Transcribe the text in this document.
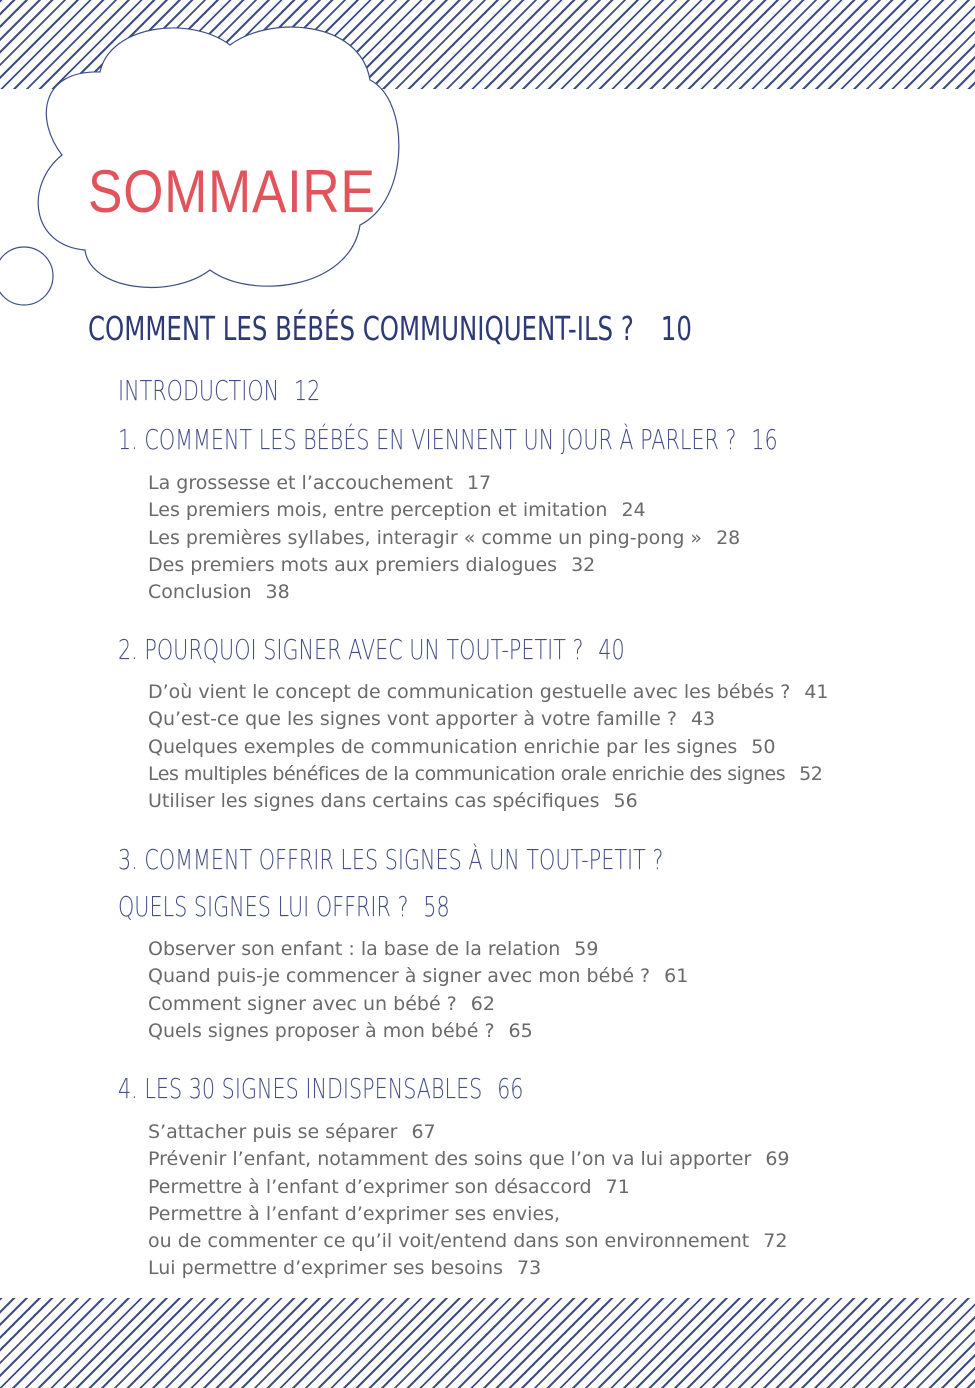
SOMMAIRE
COMMENT LES BÉBÉS COMMUNIQUENT-ILS ? 10
INTRODUCTION 12
1. COMMENT LES BÉBÉS EN VIENNENT UN JOUR À PARLER ? 16
La grossesse et l’accouchement 17
Les premiers mois, entre perception et imitation 24
Les premières syllabes, interagir « comme un ping-pong » 28
Des premiers mots aux premiers dialogues 32
Conclusion 38
2. POURQUOI SIGNER AVEC UN TOUT-PETIT ? 40
D’où vient le concept de communication gestuelle avec les bébés ? 41
Qu’est-ce que les signes vont apporter à votre famille ? 43
Quelques exemples de communication enrichie par les signes 50
Les multiples bénéfices de la communication orale enrichie des signes 52
Utiliser les signes dans certains cas spécifiques 56
3. COMMENT OFFRIR LES SIGNES À UN TOUT-PETIT ?
QUELS SIGNES LUI OFFRIR ? 58
Observer son enfant : la base de la relation 59
Quand puis-je commencer à signer avec mon bébé ? 61
Comment signer avec un bébé ? 62
Quels signes proposer à mon bébé ? 65
4. LES 30 SIGNES INDISPENSABLES 66
S’attacher puis se séparer 67
Prévenir l’enfant, notamment des soins que l’on va lui apporter 69
Permettre à l’enfant d’exprimer son désaccord 71
Permettre à l’enfant d’exprimer ses envies,
ou de commenter ce qu’il voit/entend dans son environnement 72
Lui permettre d’exprimer ses besoins 73
